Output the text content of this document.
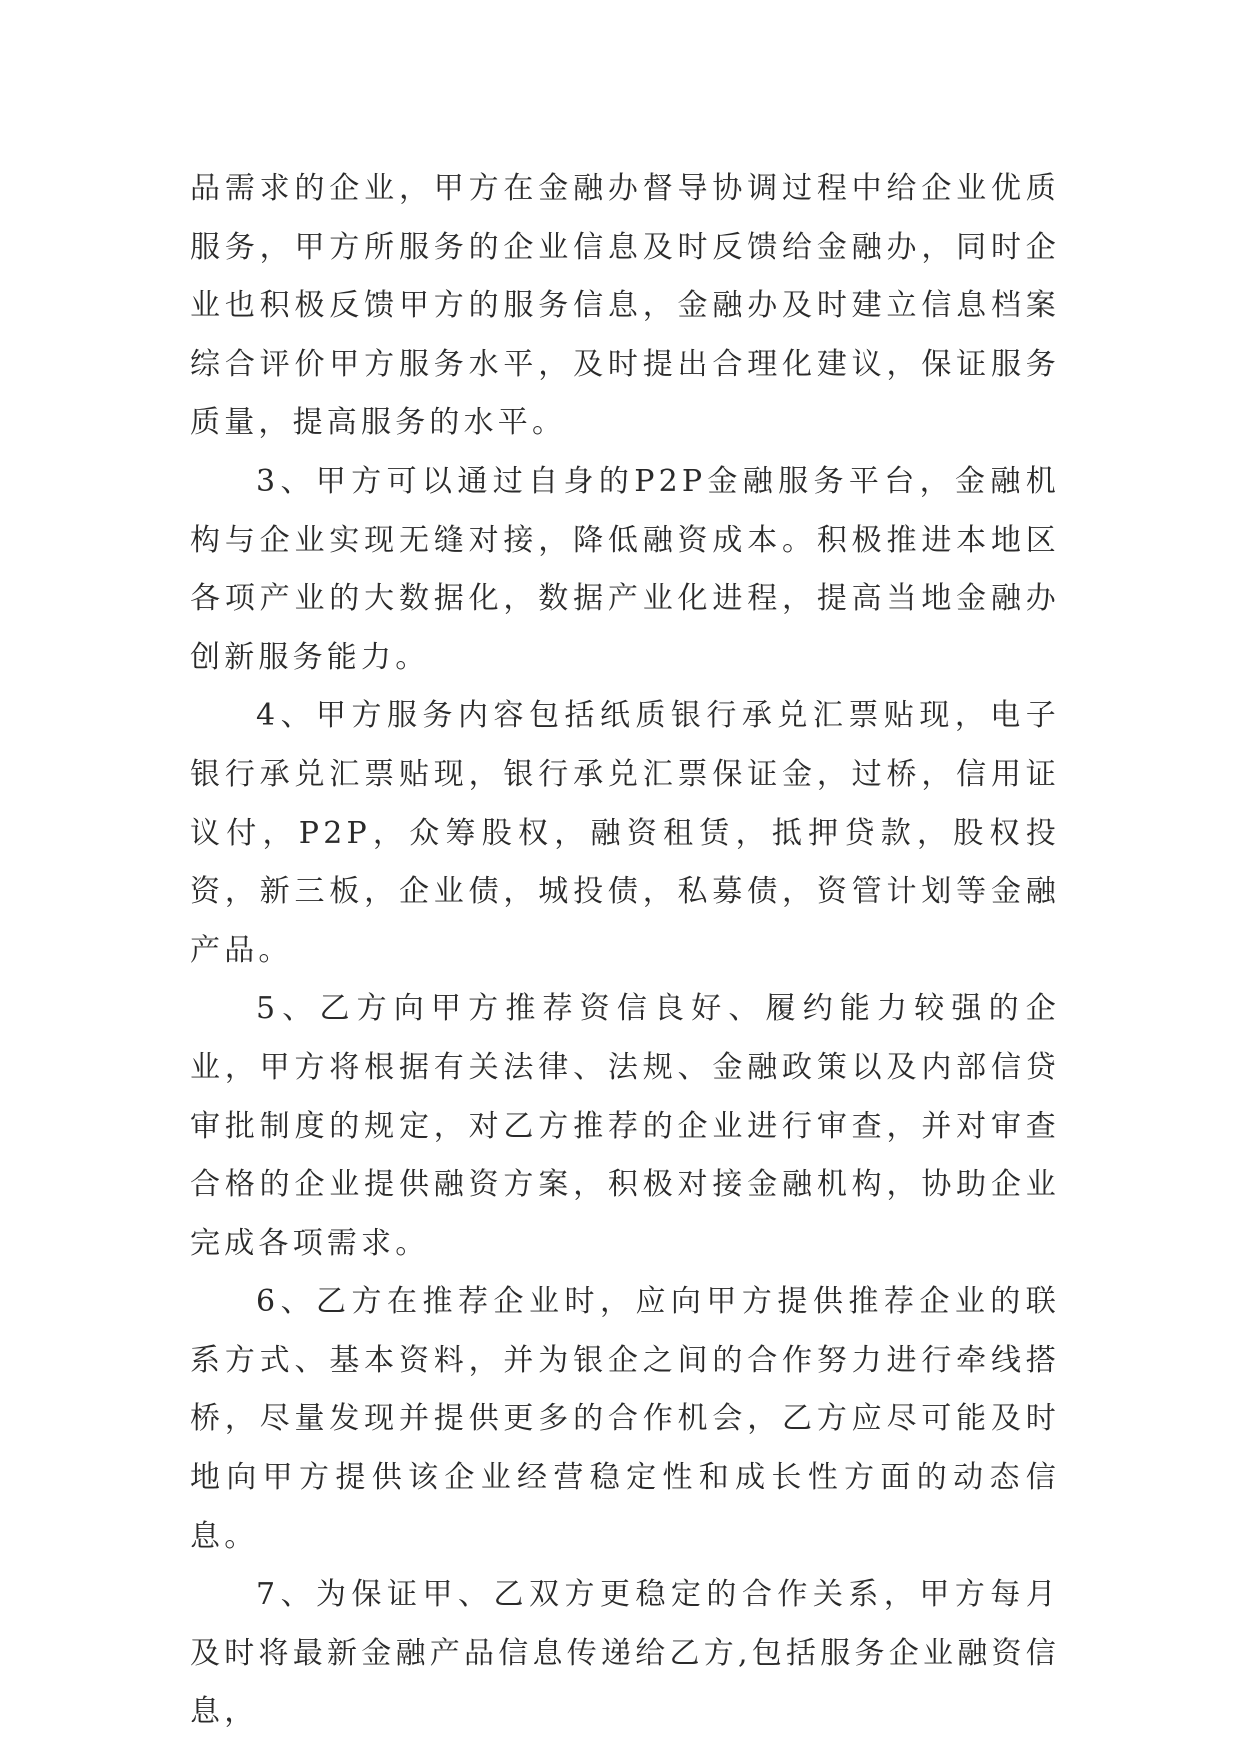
品需求的企业，甲方在金融办督导协调过程中给企业优质服务，甲方所服务的企业信息及时反馈给金融办，同时企业也积极反馈甲方的服务信息，金融办及时建立信息档案综合评价甲方服务水平，及时提出合理化建议，保证服务质量，提高服务的水平。

3、甲方可以通过自身的P2P金融服务平台，金融机构与企业实现无缝对接，降低融资成本。积极推进本地区各项产业的大数据化，数据产业化进程，提高当地金融办创新服务能力。

4、甲方服务内容包括纸质银行承兑汇票贴现，电子银行承兑汇票贴现，银行承兑汇票保证金，过桥，信用证议付，P2P，众筹股权，融资租赁，抵押贷款，股权投资，新三板，企业债，城投债，私募债，资管计划等金融产品。

5、乙方向甲方推荐资信良好、履约能力较强的企业，甲方将根据有关法律、法规、金融政策以及内部信贷审批制度的规定，对乙方推荐的企业进行审查，并对审查合格的企业提供融资方案，积极对接金融机构，协助企业完成各项需求。

6、乙方在推荐企业时，应向甲方提供推荐企业的联系方式、基本资料，并为银企之间的合作努力进行牵线搭桥，尽量发现并提供更多的合作机会，乙方应尽可能及时地向甲方提供该企业经营稳定性和成长性方面的动态信息。

7、为保证甲、乙双方更稳定的合作关系，甲方每月及时将最新金融产品信息传递给乙方,包括服务企业融资信息，
